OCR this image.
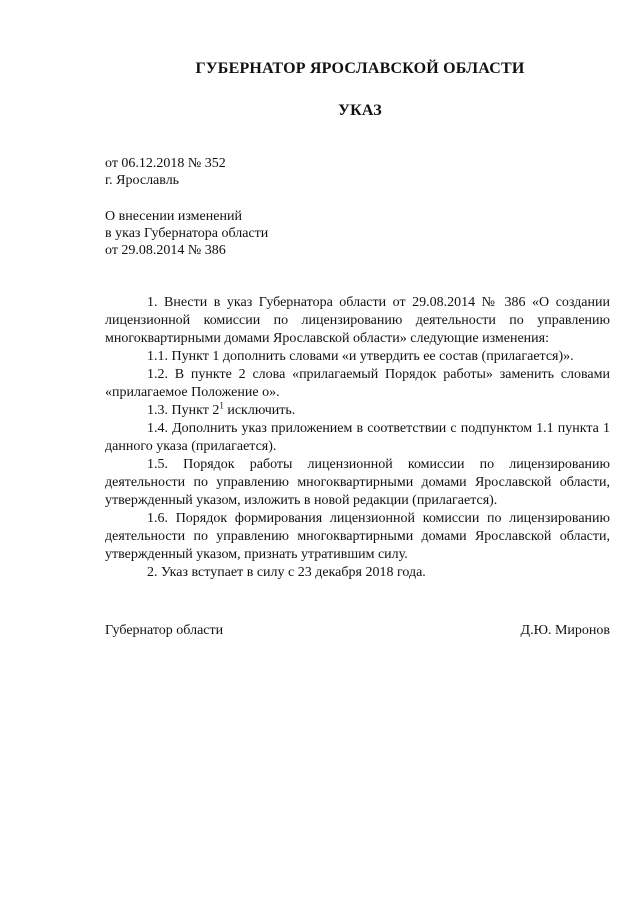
ГУБЕРНАТОР ЯРОСЛАВСКОЙ ОБЛАСТИ
УКАЗ
от 06.12.2018 № 352
г. Ярославль
О внесении изменений
в указ Губернатора области
от 29.08.2014 № 386

1. Внести в указ Губернатора области от 29.08.2014 № 386 «О создании лицензионной комиссии по лицензированию деятельности по управлению многоквартирными домами Ярославской области» следующие изменения:

1.1. Пункт 1 дополнить словами «и утвердить ее состав (прилагается)».

1.2. В пункте 2 слова «прилагаемый Порядок работы» заменить словами «прилагаемое Положение о».

1.3. Пункт $2^1$ исключить.

1.4. Дополнить указ приложением в соответствии с подпунктом 1.1 пункта 1 данного указа (прилагается).

1.5. Порядок работы лицензионной комиссии по лицензированию деятельности по управлению многоквартирными домами Ярославской области, утвержденный указом, изложить в новой редакции (прилагается).

1.6. Порядок формирования лицензионной комиссии по лицензированию деятельности по управлению многоквартирными домами Ярославской области, утвержденный указом, признать утратившим силу.

2. Указ вступает в силу с 23 декабря 2018 года.

Губернатор области	Д.Ю. Миронов
